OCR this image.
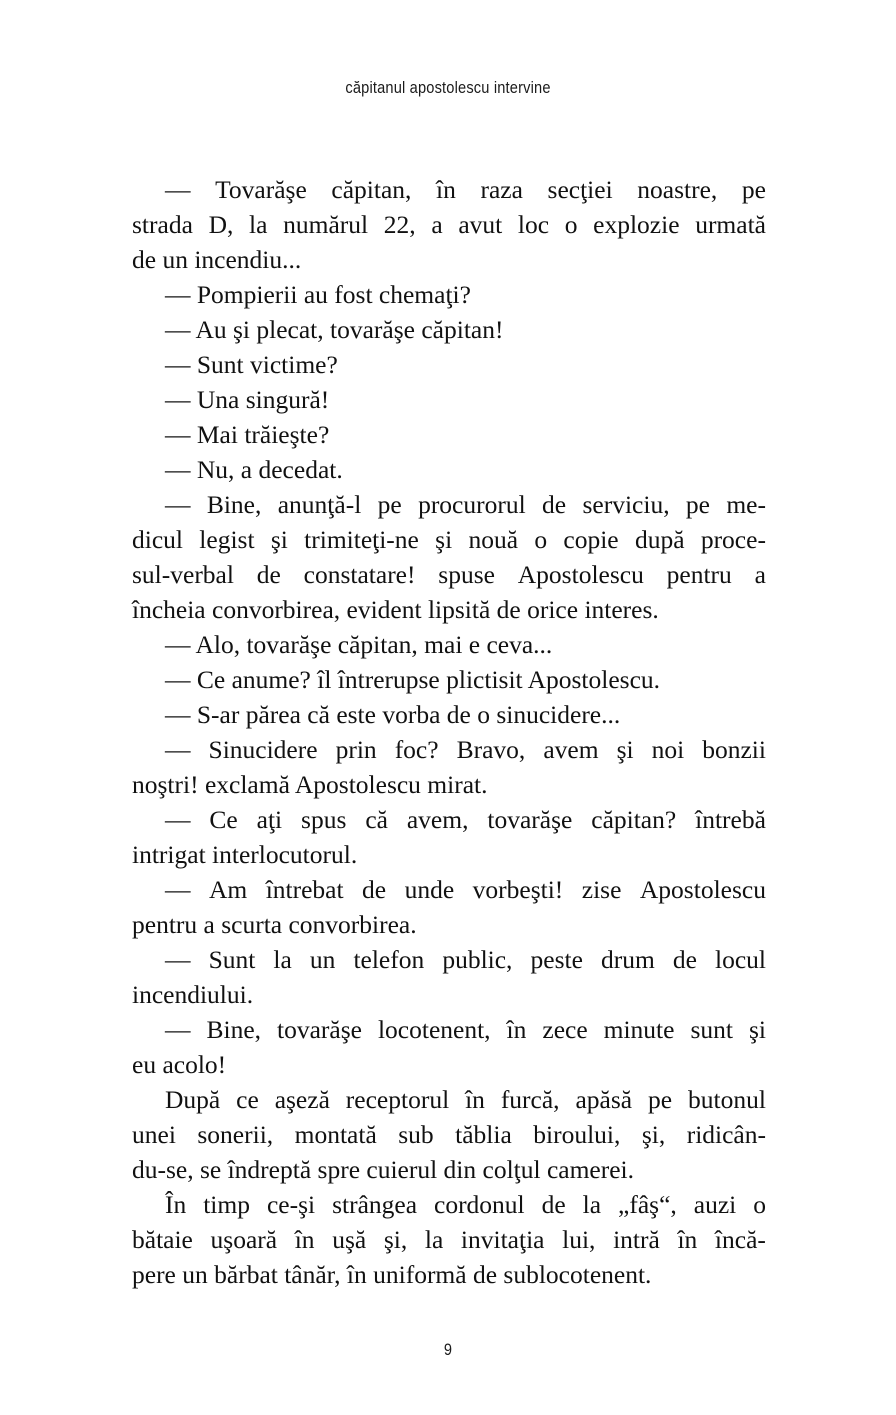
căpitanul apostolescu intervine

— Tovarăşe căpitan, în raza secţiei noastre, pe
strada D, la numărul 22, a avut loc o explozie urmată
de un incendiu...

— Pompierii au fost chemaţi?

— Au şi plecat, tovarăşe căpitan!

— Sunt victime?

— Una singură!

— Mai trăieşte?

— Nu, a decedat.

— Bine, anunţă-l pe procurorul de serviciu, pe me-
dicul legist şi trimiteţi-ne şi nouă o copie după proce-
sul-verbal de constatare! spuse Apostolescu pentru a
încheia convorbirea, evident lipsită de orice interes.

— Alo, tovarăşe căpitan, mai e ceva...

— Ce anume? îl întrerupse plictisit Apostolescu.

— S-ar părea că este vorba de o sinucidere...

— Sinucidere prin foc? Bravo, avem şi noi bonzii
noştri! exclamă Apostolescu mirat.

— Ce aţi spus că avem, tovarăşe căpitan? întrebă
intrigat interlocutorul.

— Am întrebat de unde vorbeşti! zise Apostolescu
pentru a scurta convorbirea.

— Sunt la un telefon public, peste drum de locul
incendiului.

— Bine, tovarăşe locotenent, în zece minute sunt şi
eu acolo!

După ce aşeză receptorul în furcă, apăsă pe butonul
unei sonerii, montată sub tăblia biroului, şi, ridicân-
du-se, se îndreptă spre cuierul din colţul camerei.

În timp ce-şi strângea cordonul de la „fâş“, auzi o
bătaie uşoară în uşă şi, la invitaţia lui, intră în încă-
pere un bărbat tânăr, în uniformă de sublocotenent.

9
